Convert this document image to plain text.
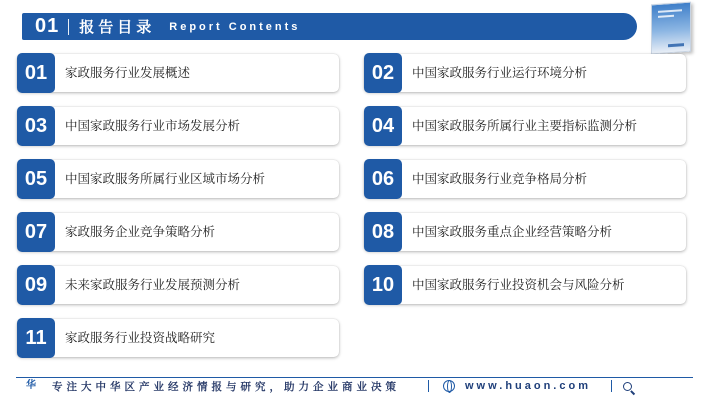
01 报告目录 Report Contents
01	家政服务行业发展概述
03	中国家政服务行业市场发展分析
05	中国家政服务所属行业区域市场分析
07	家政服务企业竞争策略分析
09	未来家政服务行业发展预测分析
11	家政服务行业投资战略研究
02	中国家政服务行业运行环境分析
04	中国家政服务所属行业主要指标监测分析
06	中国家政服务行业竞争格局分析
08	中国家政服务重点企业经营策略分析
10	中国家政服务行业投资机会与风险分析
华 专注大中华区产业经济情报与研究，助力企业商业决策	www.huaon.com
